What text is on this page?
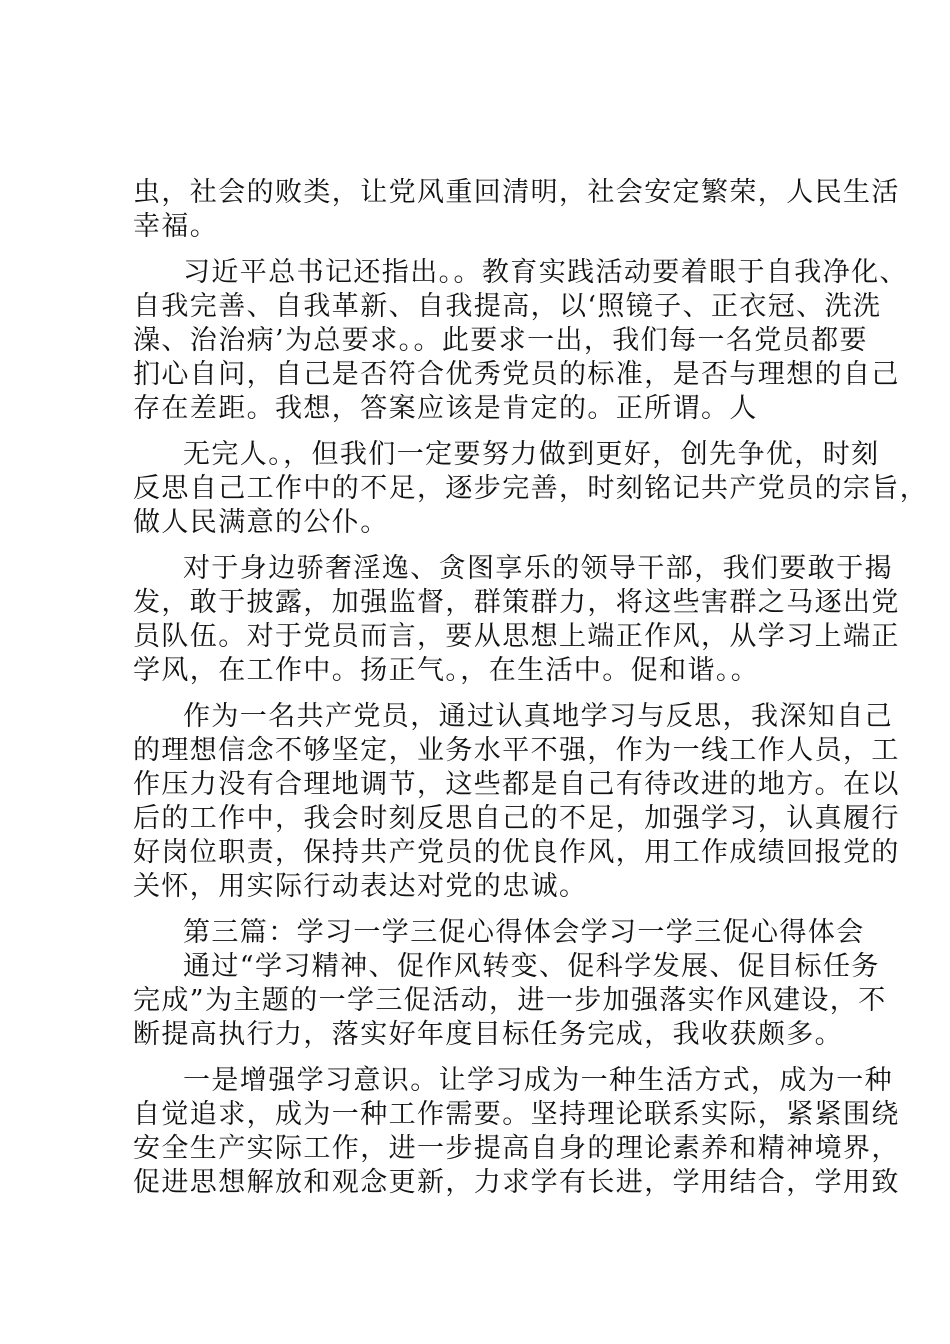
虫，社会的败类，让党风重回清明，社会安定繁荣，人民生活
幸福。
习近平总书记还指出。。教育实践活动要着眼于自我净化、
自我完善、自我革新、自我提高，以‘照镜子、正衣冠、洗洗
澡、治治病’为总要求。。此要求一出，我们每一名党员都要
扪心自问，自己是否符合优秀党员的标准，是否与理想的自己
存在差距。我想，答案应该是肯定的。正所谓。人
无完人。，但我们一定要努力做到更好，创先争优，时刻
反思自己工作中的不足，逐步完善，时刻铭记共产党员的宗旨，
做人民满意的公仆。
对于身边骄奢淫逸、贪图享乐的领导干部，我们要敢于揭
发，敢于披露，加强监督，群策群力，将这些害群之马逐出党
员队伍。对于党员而言，要从思想上端正作风，从学习上端正
学风，在工作中。扬正气。，在生活中。促和谐。。
作为一名共产党员，通过认真地学习与反思，我深知自己
的理想信念不够坚定，业务水平不强，作为一线工作人员，工
作压力没有合理地调节，这些都是自己有待改进的地方。在以
后的工作中，我会时刻反思自己的不足，加强学习，认真履行
好岗位职责，保持共产党员的优良作风，用工作成绩回报党的
关怀，用实际行动表达对党的忠诚。
第三篇：学习一学三促心得体会学习一学三促心得体会
通过“学习精神、促作风转变、促科学发展、促目标任务
完成”为主题的一学三促活动，进一步加强落实作风建设，不
断提高执行力，落实好年度目标任务完成，我收获颇多。
一是增强学习意识。让学习成为一种生活方式，成为一种
自觉追求，成为一种工作需要。坚持理论联系实际，紧紧围绕
安全生产实际工作，进一步提高自身的理论素养和精神境界，
促进思想解放和观念更新，力求学有长进，学用结合，学用致
